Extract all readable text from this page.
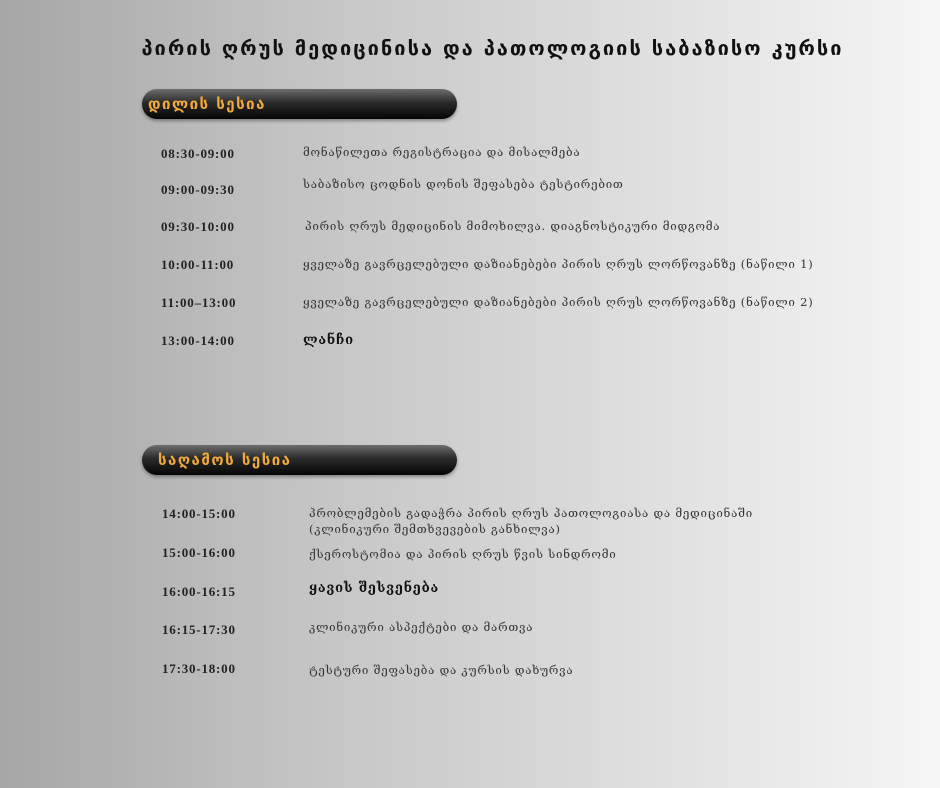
პირის ღრუს მედიცინისა და პათოლოგიის საბაზისო კურსი
დილის სესია
08:30-09:00	მონაწილეთა რეგისტრაცია და მისალმება
09:00-09:30	საბაზისო ცოდნის დონის შეფასება ტესტირებით
09:30-10:00	პირის ღრუს მედიცინის მიმოხილვა. დიაგნოსტიკური მიდგომა
10:00-11:00	ყველაზე გავრცელებული დაზიანებები პირის ღრუს ლორწოვანზე (ნაწილი 1)
11:00–13:00	ყველაზე გავრცელებული დაზიანებები პირის ღრუს ლორწოვანზე (ნაწილი 2)
13:00-14:00	ლანჩი
საღამოს სესია
14:00-15:00	პრობლემების გადაჭრა პირის ღრუს პათოლოგიასა და მედიცინაში
(კლინიკური შემთხვევების განხილვა)
15:00-16:00	ქსეროსტომია და პირის ღრუს წვის სინდრომი
16:00-16:15	ყავის შესვენება
16:15-17:30	კლინიკური ასპექტები და მართვა
17:30-18:00	ტესტური შეფასება და კურსის დახურვა
